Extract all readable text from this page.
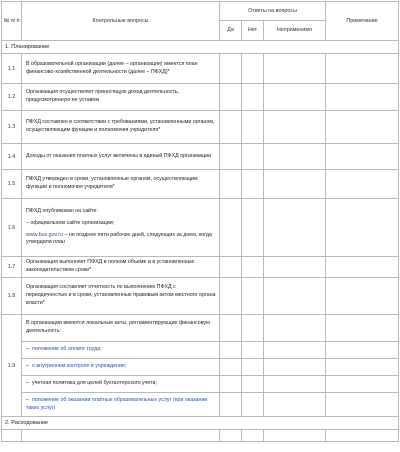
№ п/ п	Контрольные вопросы	Ответы на вопросы			Примечание
		Да	Нет	Неприменимо	
1. Планирование					
1.1	В образовательной организации (далее – организация) имеется план финансово-хозяйственной деятельности (далее – ПФХД)*				
1.2	Организация осуществляет приносящую доход деятельность, предусмотренную ее уставом				
1.3	ПФХД составлен в соответствии с требованиями, установленными органом, осуществляющим функции и полномочия учредителя*				
1.4	Доходы от оказания платных услуг включены в единый ПФХД организации				
1.5	ПФХД утвержден в сроки, установленные органом, осуществляющим функции и полномочия учредителя*				
1.6	ПФХД опубликован на сайте:
– официальном сайте организации;
www.bus.gov.ru – не позднее пяти рабочих дней, следующих за днем, когда утвердили план				

1.7	Организация выполняет ПФХД в полном объеме и в установленные законодательством сроки*				
1.8	Организация составляет отчетность по выполнению ПФХД с периодичностью и в сроки, установленные правовым актом местного органа власти*				
1.9	В организации имеются локальные акты, регламентирующие финансовую деятельность:				
	– положение об оплате труда;				
	– о внутреннем контроле в учреждении;				
	– учетная политика для целей бухгалтерского учета;				
	– положение об оказании платных образовательных услуг (при оказании таких услуг)				
2. Расходование					
